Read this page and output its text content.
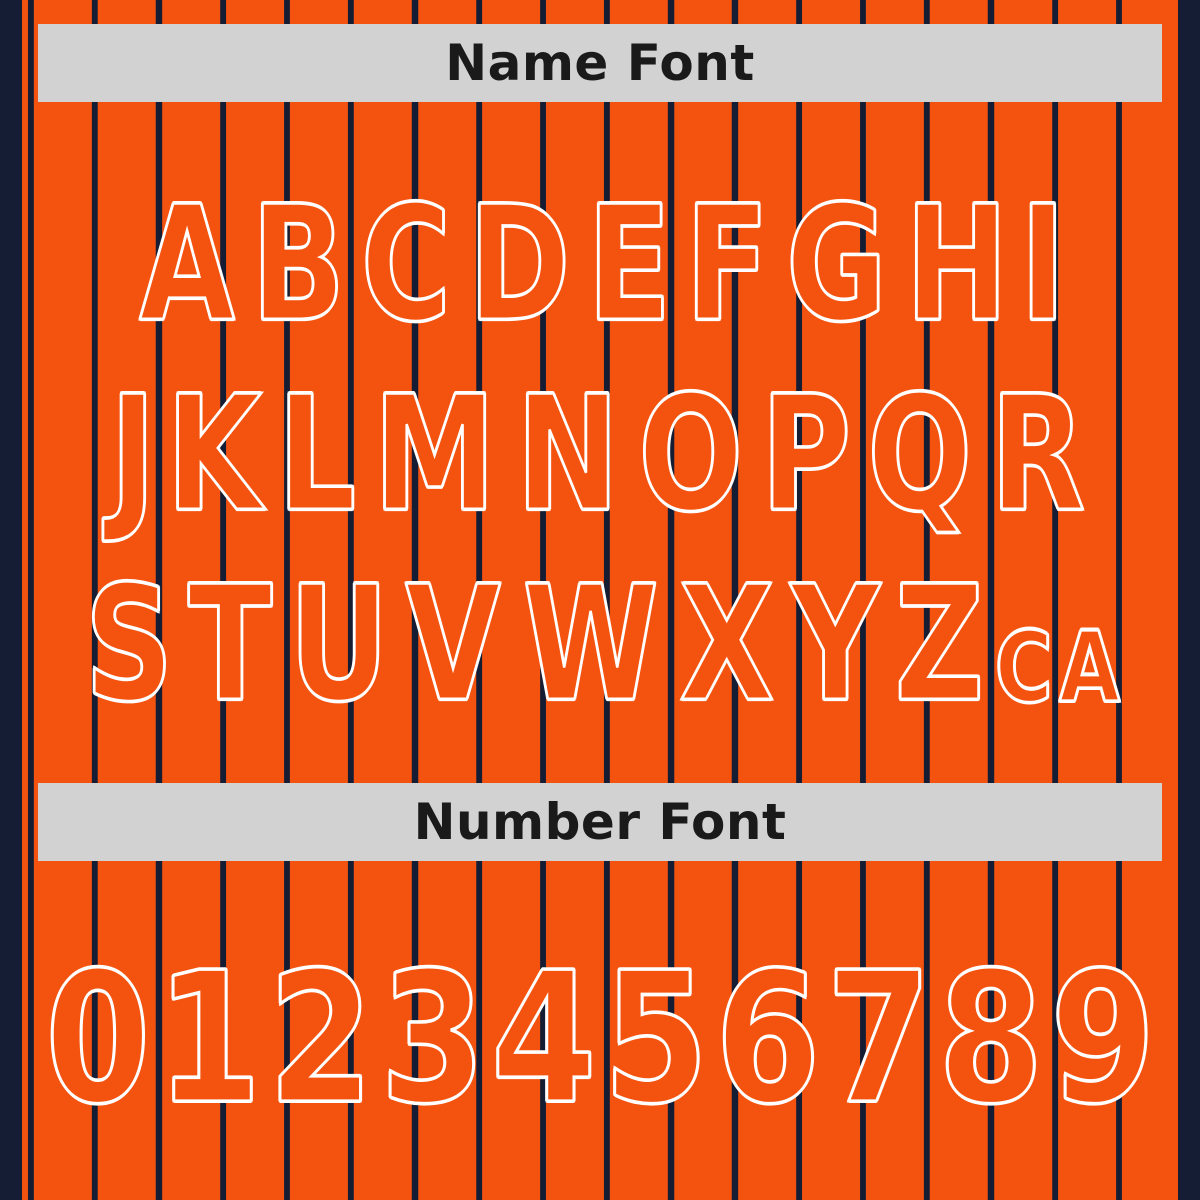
Name Font
A B C D E F G H I
J K L M N O P Q R
S T U V W X Y Z C A
Number Font
0 1 2 3 4 5 6 7 8 9
